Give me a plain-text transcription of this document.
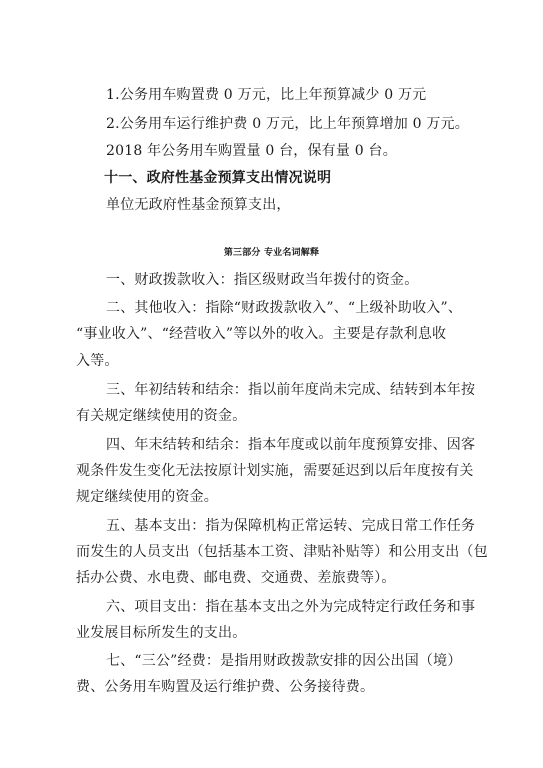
1.公务用车购置费 0 万元，比上年预算减少 0 万元
2.公务用车运行维护费 0 万元，比上年预算增加 0 万元。
2018 年公务用车购置量 0 台，保有量 0 台。
十一、政府性基金预算支出情况说明
单位无政府性基金预算支出，
第三部分 专业名词解释
一、财政拨款收入：指区级财政当年拨付的资金。
二、其他收入：指除“财政拨款收入”、“上级补助收入”、
“事业收入”、“经营收入”等以外的收入。主要是存款利息收
入等。
三、年初结转和结余：指以前年度尚未完成、结转到本年按
有关规定继续使用的资金。
四、年末结转和结余：指本年度或以前年度预算安排、因客
观条件发生变化无法按原计划实施，需要延迟到以后年度按有关
规定继续使用的资金。
五、基本支出：指为保障机构正常运转、完成日常工作任务
而发生的人员支出（包括基本工资、津贴补贴等）和公用支出（包
括办公费、水电费、邮电费、交通费、差旅费等）。
六、项目支出：指在基本支出之外为完成特定行政任务和事
业发展目标所发生的支出。
七、“三公”经费：是指用财政拨款安排的因公出国（境）
费、公务用车购置及运行维护费、公务接待费。
